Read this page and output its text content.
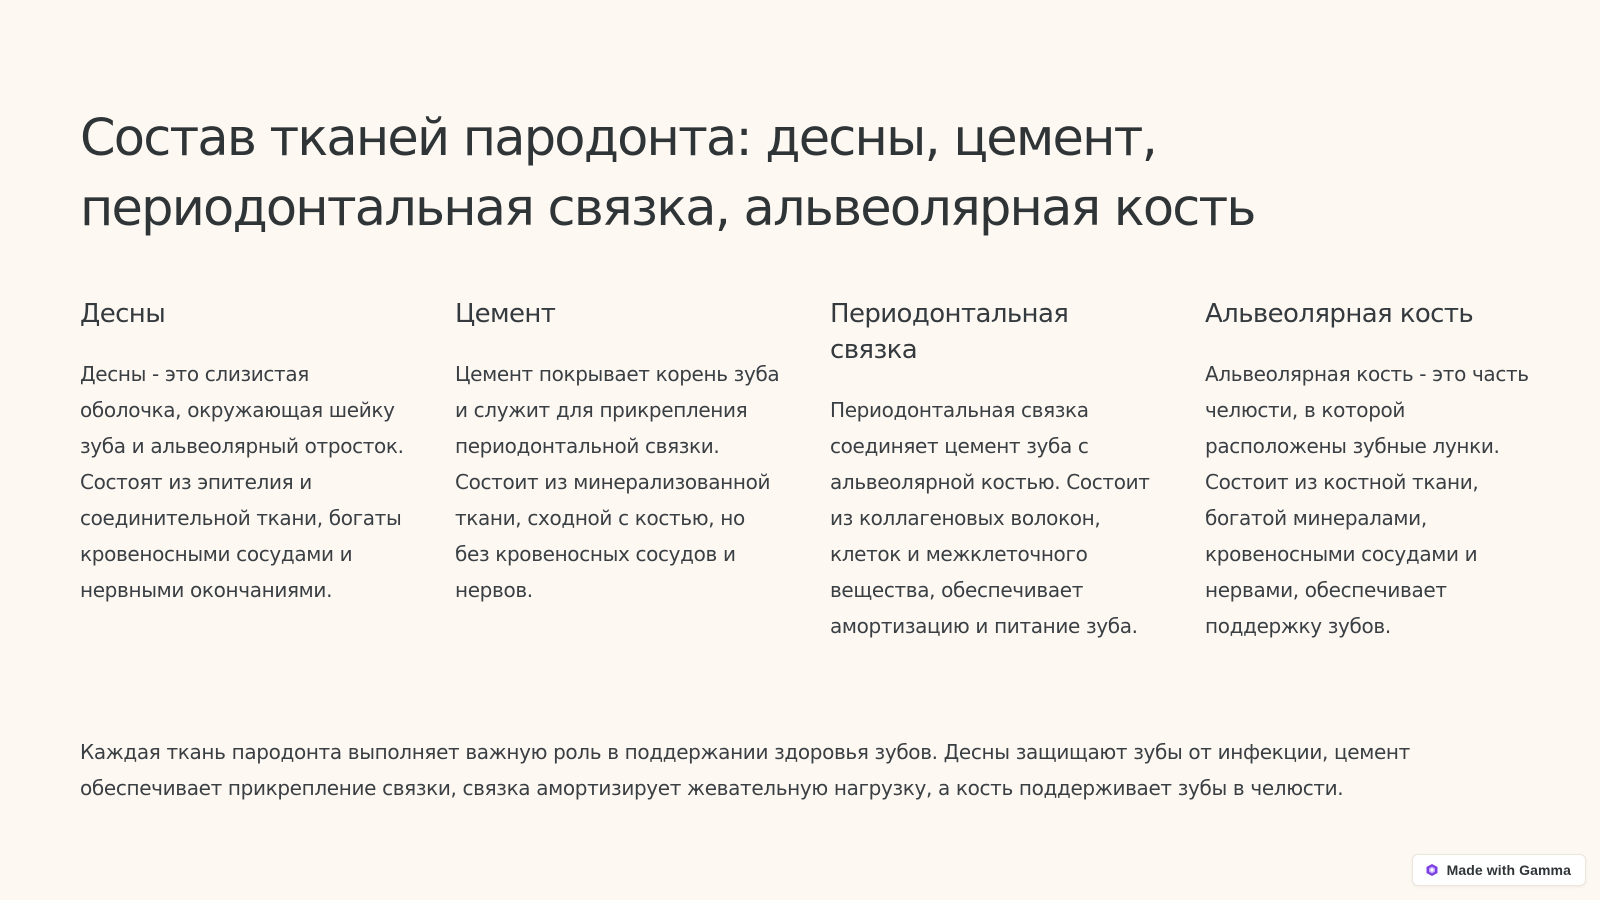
Состав тканей пародонта: десны, цемент, периодонтальная связка, альвеолярная кость
Десны

Десны - это слизистая оболочка, окружающая шейку зуба и альвеолярный отросток. Состоят из эпителия и соединительной ткани, богаты кровеносными сосудами и нервными окончаниями.

Цемент

Цемент покрывает корень зуба и служит для прикрепления периодонтальной связки. Состоит из минерализованной ткани, сходной с костью, но без кровеносных сосудов и нервов.

Периодонтальная связка

Периодонтальная связка соединяет цемент зуба с альвеолярной костью. Состоит из коллагеновых волокон, клеток и межклеточного вещества, обеспечивает амортизацию и питание зуба.

Альвеолярная кость

Альвеолярная кость - это часть челюсти, в которой расположены зубные лунки. Состоит из костной ткани, богатой минералами, кровеносными сосудами и нервами, обеспечивает поддержку зубов.

Каждая ткань пародонта выполняет важную роль в поддержании здоровья зубов. Десны защищают зубы от инфекции, цемент обеспечивает прикрепление связки, связка амортизирует жевательную нагрузку, а кость поддерживает зубы в челюсти.

Made with Gamma
